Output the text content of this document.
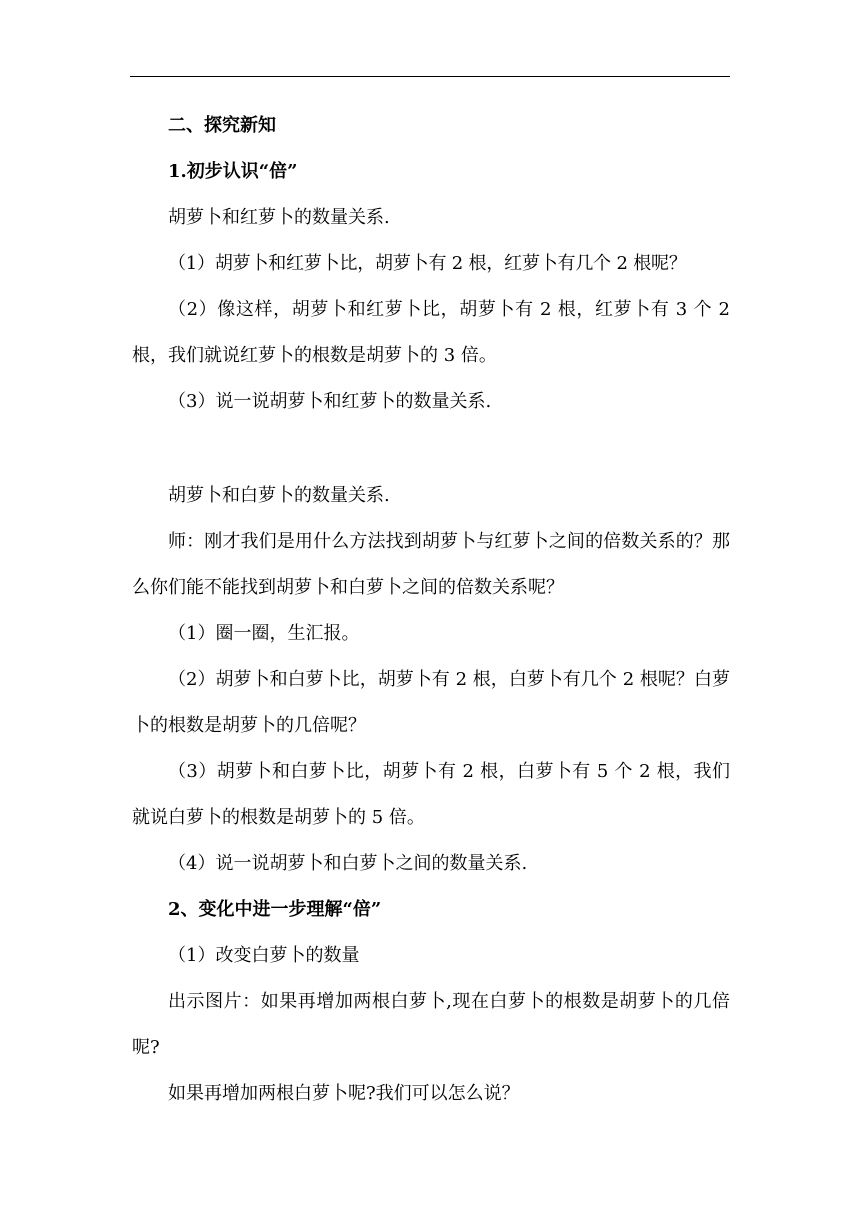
二、探究新知

1.初步认识“倍”

胡萝卜和红萝卜的数量关系.

（1）胡萝卜和红萝卜比，胡萝卜有 2 根，红萝卜有几个 2 根呢？

（2）像这样，胡萝卜和红萝卜比，胡萝卜有 2 根，红萝卜有 3 个 2 根，我们就说红萝卜的根数是胡萝卜的 3 倍。

（3）说一说胡萝卜和红萝卜的数量关系.

胡萝卜和白萝卜的数量关系.

师：刚才我们是用什么方法找到胡萝卜与红萝卜之间的倍数关系的？那么你们能不能找到胡萝卜和白萝卜之间的倍数关系呢？

（1）圈一圈，生汇报。

（2）胡萝卜和白萝卜比，胡萝卜有 2 根，白萝卜有几个 2 根呢？白萝卜的根数是胡萝卜的几倍呢？

（3）胡萝卜和白萝卜比，胡萝卜有 2 根，白萝卜有 5 个 2 根，我们就说白萝卜的根数是胡萝卜的 5 倍。

（4）说一说胡萝卜和白萝卜之间的数量关系.

2、变化中进一步理解“倍”

（1）改变白萝卜的数量

出示图片：如果再增加两根白萝卜,现在白萝卜的根数是胡萝卜的几倍呢?

如果再增加两根白萝卜呢?我们可以怎么说？
